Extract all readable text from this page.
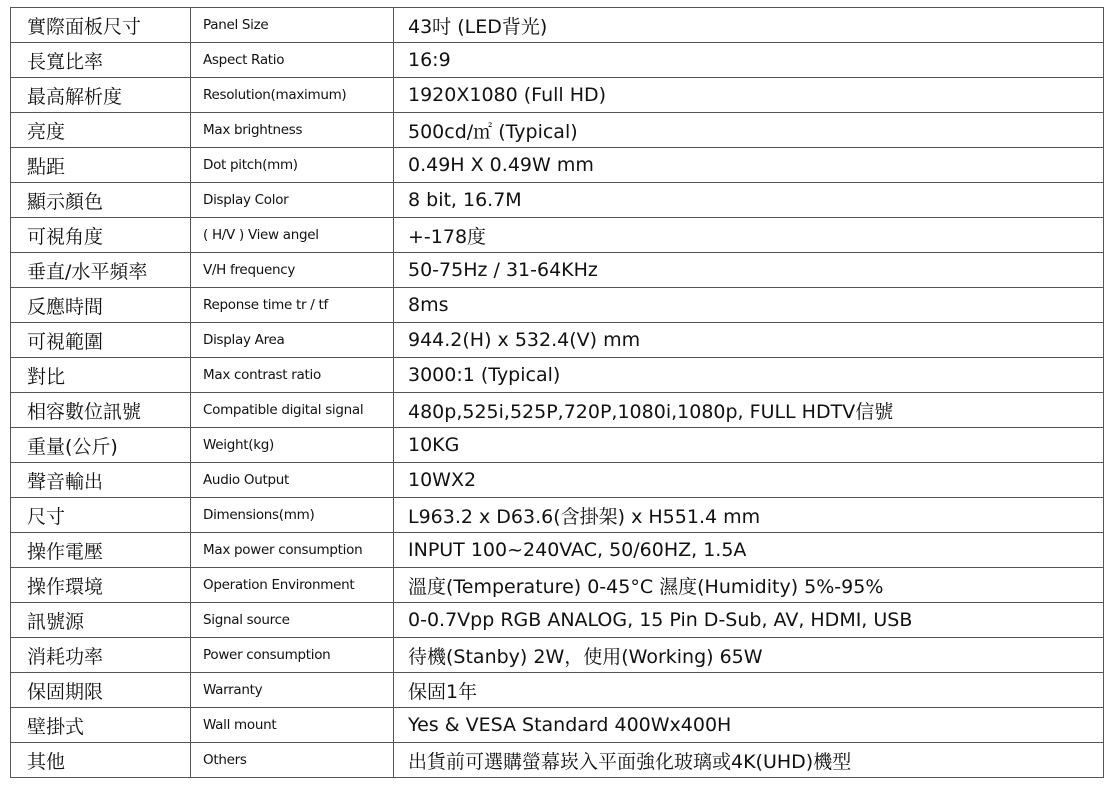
實際面板尺寸	Panel Size	43吋 (LED背光)
長寬比率	Aspect Ratio	16:9
最高解析度	Resolution(maximum)	1920X1080 (Full HD)
亮度	Max brightness	500cd/㎡ (Typical)
點距	Dot pitch(mm)	0.49H X 0.49W mm
顯示顏色	Display Color	8 bit, 16.7M
可視角度	( H/V ) View angel	+-178度
垂直/水平頻率	V/H frequency	50-75Hz / 31-64KHz
反應時間	Reponse time tr / tf	8ms
可視範圍	Display Area	944.2(H) x 532.4(V) mm
對比	Max contrast ratio	3000:1 (Typical)
相容數位訊號	Compatible digital signal	480p,525i,525P,720P,1080i,1080p, FULL HDTV信號
重量(公斤)	Weight(kg)	10KG
聲音輸出	Audio Output	10WX2
尺寸	Dimensions(mm)	L963.2 x D63.6(含掛架) x H551.4 mm
操作電壓	Max power consumption	INPUT 100~240VAC, 50/60HZ, 1.5A
操作環境	Operation Environment	溫度(Temperature) 0-45°C 濕度(Humidity) 5%-95%
訊號源	Signal source	0-0.7Vpp RGB ANALOG, 15 Pin D-Sub, AV, HDMI, USB
消耗功率	Power consumption	待機(Stanby) 2W，使用(Working) 65W
保固期限	Warranty	保固1年
壁掛式	Wall mount	Yes & VESA Standard 400Wx400H
其他	Others	出貨前可選購螢幕崁入平面強化玻璃或4K(UHD)機型
